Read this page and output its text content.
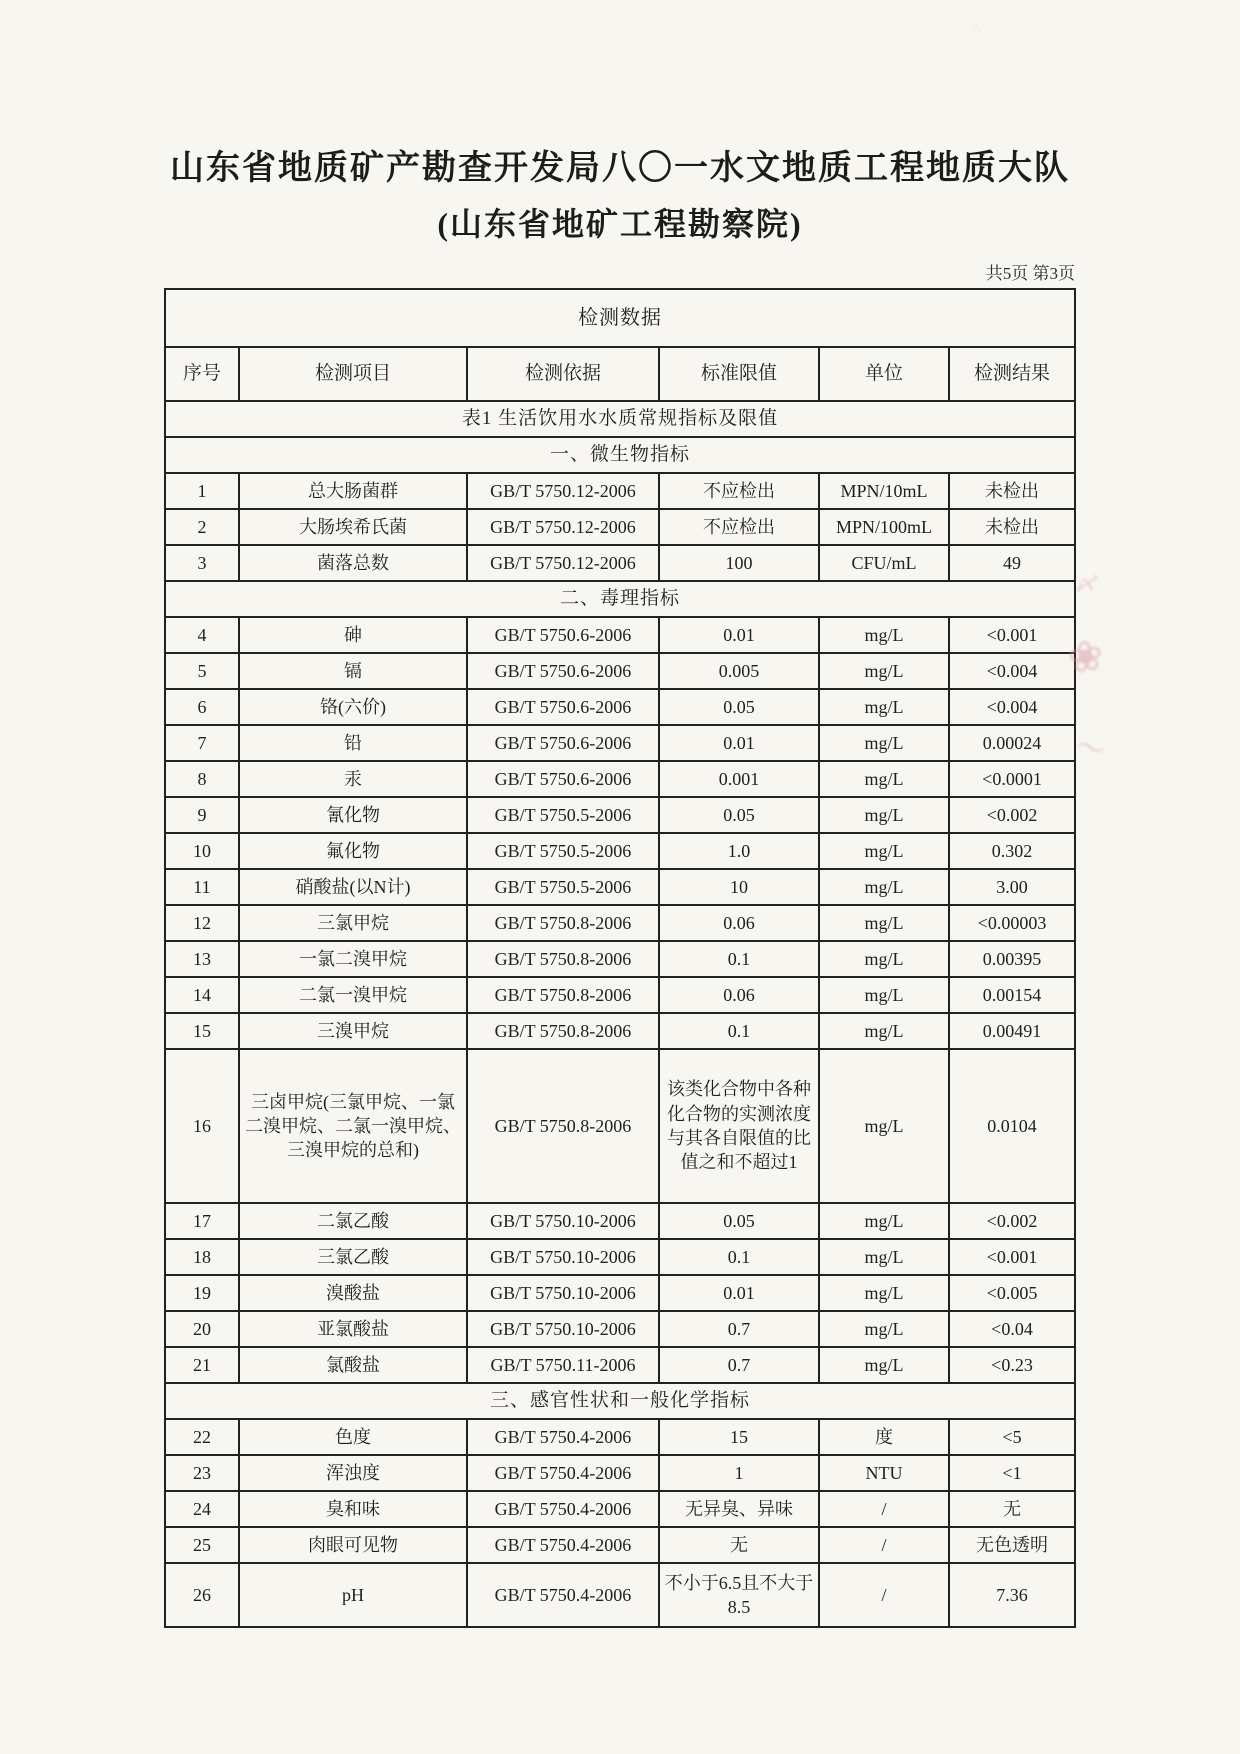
山东省地质矿产勘查开发局八〇一水文地质工程地质大队
(山东省地矿工程勘察院)
共5页 第3页
检测数据					
序号	检测项目	检测依据	标准限值	单位	检测结果
表1 生活饮用水水质常规指标及限值					
一、微生物指标					
1	总大肠菌群	GB/T 5750.12-2006	不应检出	MPN/10mL	未检出
2	大肠埃希氏菌	GB/T 5750.12-2006	不应检出	MPN/100mL	未检出
3	菌落总数	GB/T 5750.12-2006	100	CFU/mL	49
二、毒理指标					
4	砷	GB/T 5750.6-2006	0.01	mg/L	<0.001
5	镉	GB/T 5750.6-2006	0.005	mg/L	<0.004
6	铬(六价)	GB/T 5750.6-2006	0.05	mg/L	<0.004
7	铅	GB/T 5750.6-2006	0.01	mg/L	0.00024
8	汞	GB/T 5750.6-2006	0.001	mg/L	<0.0001
9	氰化物	GB/T 5750.5-2006	0.05	mg/L	<0.002
10	氟化物	GB/T 5750.5-2006	1.0	mg/L	0.302
11	硝酸盐(以N计)	GB/T 5750.5-2006	10	mg/L	3.00
12	三氯甲烷	GB/T 5750.8-2006	0.06	mg/L	<0.00003
13	一氯二溴甲烷	GB/T 5750.8-2006	0.1	mg/L	0.00395
14	二氯一溴甲烷	GB/T 5750.8-2006	0.06	mg/L	0.00154
15	三溴甲烷	GB/T 5750.8-2006	0.1	mg/L	0.00491
16	三卤甲烷(三氯甲烷、一氯二溴甲烷、二氯一溴甲烷、三溴甲烷的总和)	GB/T 5750.8-2006	该类化合物中各种化合物的实测浓度与其各自限值的比值之和不超过1	mg/L	0.0104
17	二氯乙酸	GB/T 5750.10-2006	0.05	mg/L	<0.002
18	三氯乙酸	GB/T 5750.10-2006	0.1	mg/L	<0.001
19	溴酸盐	GB/T 5750.10-2006	0.01	mg/L	<0.005
20	亚氯酸盐	GB/T 5750.10-2006	0.7	mg/L	<0.04
21	氯酸盐	GB/T 5750.11-2006	0.7	mg/L	<0.23
三、感官性状和一般化学指标					
22	色度	GB/T 5750.4-2006	15	度	<5
23	浑浊度	GB/T 5750.4-2006	1	NTU	<1
24	臭和味	GB/T 5750.4-2006	无异臭、异味	/	无
25	肉眼可见物	GB/T 5750.4-2006	无	/	无色透明
26	pH	GB/T 5750.4-2006	不小于6.5且不大于8.5	/	7.36
〆
❀
〜
∴
